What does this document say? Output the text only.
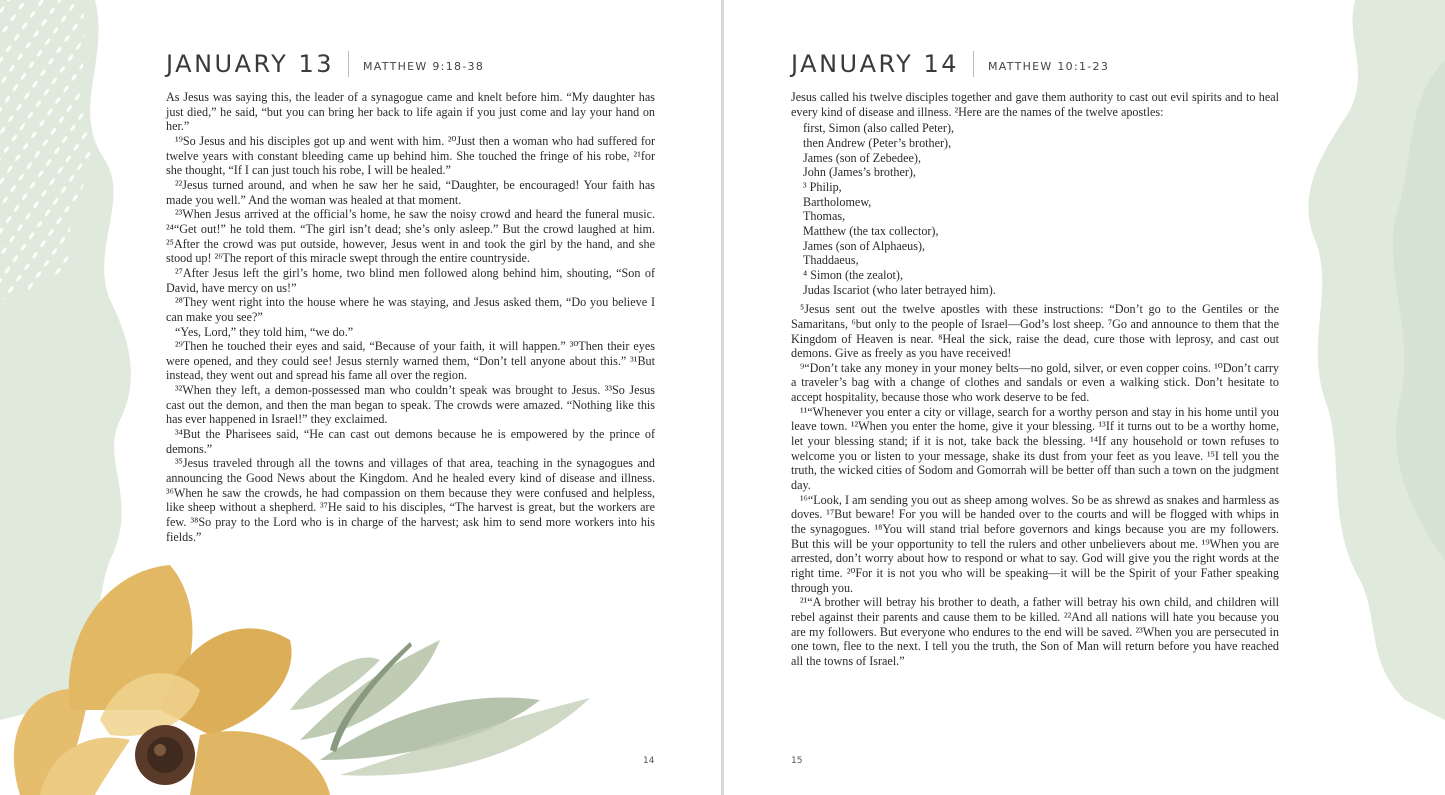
JANUARY 13	MATTHEW 9:18-38

As Jesus was saying this, the leader of a synagogue came and knelt before him. “My daughter has just died,” he said, “but you can bring her back to life again if you just come and lay your hand on her.”

¹⁹So Jesus and his disciples got up and went with him. ²⁰Just then a woman who had suffered for twelve years with constant bleeding came up behind him. She touched the fringe of his robe, ²¹for she thought, “If I can just touch his robe, I will be healed.”

²²Jesus turned around, and when he saw her he said, “Daughter, be encouraged! Your faith has made you well.” And the woman was healed at that moment.

²³When Jesus arrived at the official’s home, he saw the noisy crowd and heard the funeral music. ²⁴“Get out!” he told them. “The girl isn’t dead; she’s only asleep.” But the crowd laughed at him. ²⁵After the crowd was put outside, however, Jesus went in and took the girl by the hand, and she stood up! ²⁶The report of this miracle swept through the entire countryside.

²⁷After Jesus left the girl’s home, two blind men followed along behind him, shouting, “Son of David, have mercy on us!”

²⁸They went right into the house where he was staying, and Jesus asked them, “Do you believe I can make you see?”

“Yes, Lord,” they told him, “we do.”

²⁹Then he touched their eyes and said, “Because of your faith, it will happen.” ³⁰Then their eyes were opened, and they could see! Jesus sternly warned them, “Don’t tell anyone about this.” ³¹But instead, they went out and spread his fame all over the region.

³²When they left, a demon-possessed man who couldn’t speak was brought to Jesus. ³³So Jesus cast out the demon, and then the man began to speak. The crowds were amazed. “Nothing like this has ever happened in Israel!” they exclaimed.

³⁴But the Pharisees said, “He can cast out demons because he is empowered by the prince of demons.”

³⁵Jesus traveled through all the towns and villages of that area, teaching in the synagogues and announcing the Good News about the Kingdom. And he healed every kind of disease and illness. ³⁶When he saw the crowds, he had compassion on them because they were confused and helpless, like sheep without a shepherd. ³⁷He said to his disciples, “The harvest is great, but the workers are few. ³⁸So pray to the Lord who is in charge of the harvest; ask him to send more workers into his fields.”

14
JANUARY 14	MATTHEW 10:1-23

Jesus called his twelve disciples together and gave them authority to cast out evil spirits and to heal every kind of disease and illness. ²Here are the names of the twelve apostles:

first, Simon (also called Peter),
then Andrew (Peter’s brother),
James (son of Zebedee),
John (James’s brother),
³ Philip,
Bartholomew,
Thomas,
Matthew (the tax collector),
James (son of Alphaeus),
Thaddaeus,
⁴ Simon (the zealot),
Judas Iscariot (who later betrayed him).

⁵Jesus sent out the twelve apostles with these instructions: “Don’t go to the Gentiles or the Samaritans, ⁶but only to the people of Israel—God’s lost sheep. ⁷Go and announce to them that the Kingdom of Heaven is near. ⁸Heal the sick, raise the dead, cure those with leprosy, and cast out demons. Give as freely as you have received!

⁹“Don’t take any money in your money belts—no gold, silver, or even copper coins. ¹⁰Don’t carry a traveler’s bag with a change of clothes and sandals or even a walking stick. Don’t hesitate to accept hospitality, because those who work deserve to be fed.

¹¹“Whenever you enter a city or village, search for a worthy person and stay in his home until you leave town. ¹²When you enter the home, give it your blessing. ¹³If it turns out to be a worthy home, let your blessing stand; if it is not, take back the blessing. ¹⁴If any household or town refuses to welcome you or listen to your message, shake its dust from your feet as you leave. ¹⁵I tell you the truth, the wicked cities of Sodom and Gomorrah will be better off than such a town on the judgment day.

¹⁶“Look, I am sending you out as sheep among wolves. So be as shrewd as snakes and harmless as doves. ¹⁷But beware! For you will be handed over to the courts and will be flogged with whips in the synagogues. ¹⁸You will stand trial before governors and kings because you are my followers. But this will be your opportunity to tell the rulers and other unbelievers about me. ¹⁹When you are arrested, don’t worry about how to respond or what to say. God will give you the right words at the right time. ²⁰For it is not you who will be speaking—it will be the Spirit of your Father speaking through you.

²¹“A brother will betray his brother to death, a father will betray his own child, and children will rebel against their parents and cause them to be killed. ²²And all nations will hate you because you are my followers. But everyone who endures to the end will be saved. ²³When you are persecuted in one town, flee to the next. I tell you the truth, the Son of Man will return before you have reached all the towns of Israel.”

15
